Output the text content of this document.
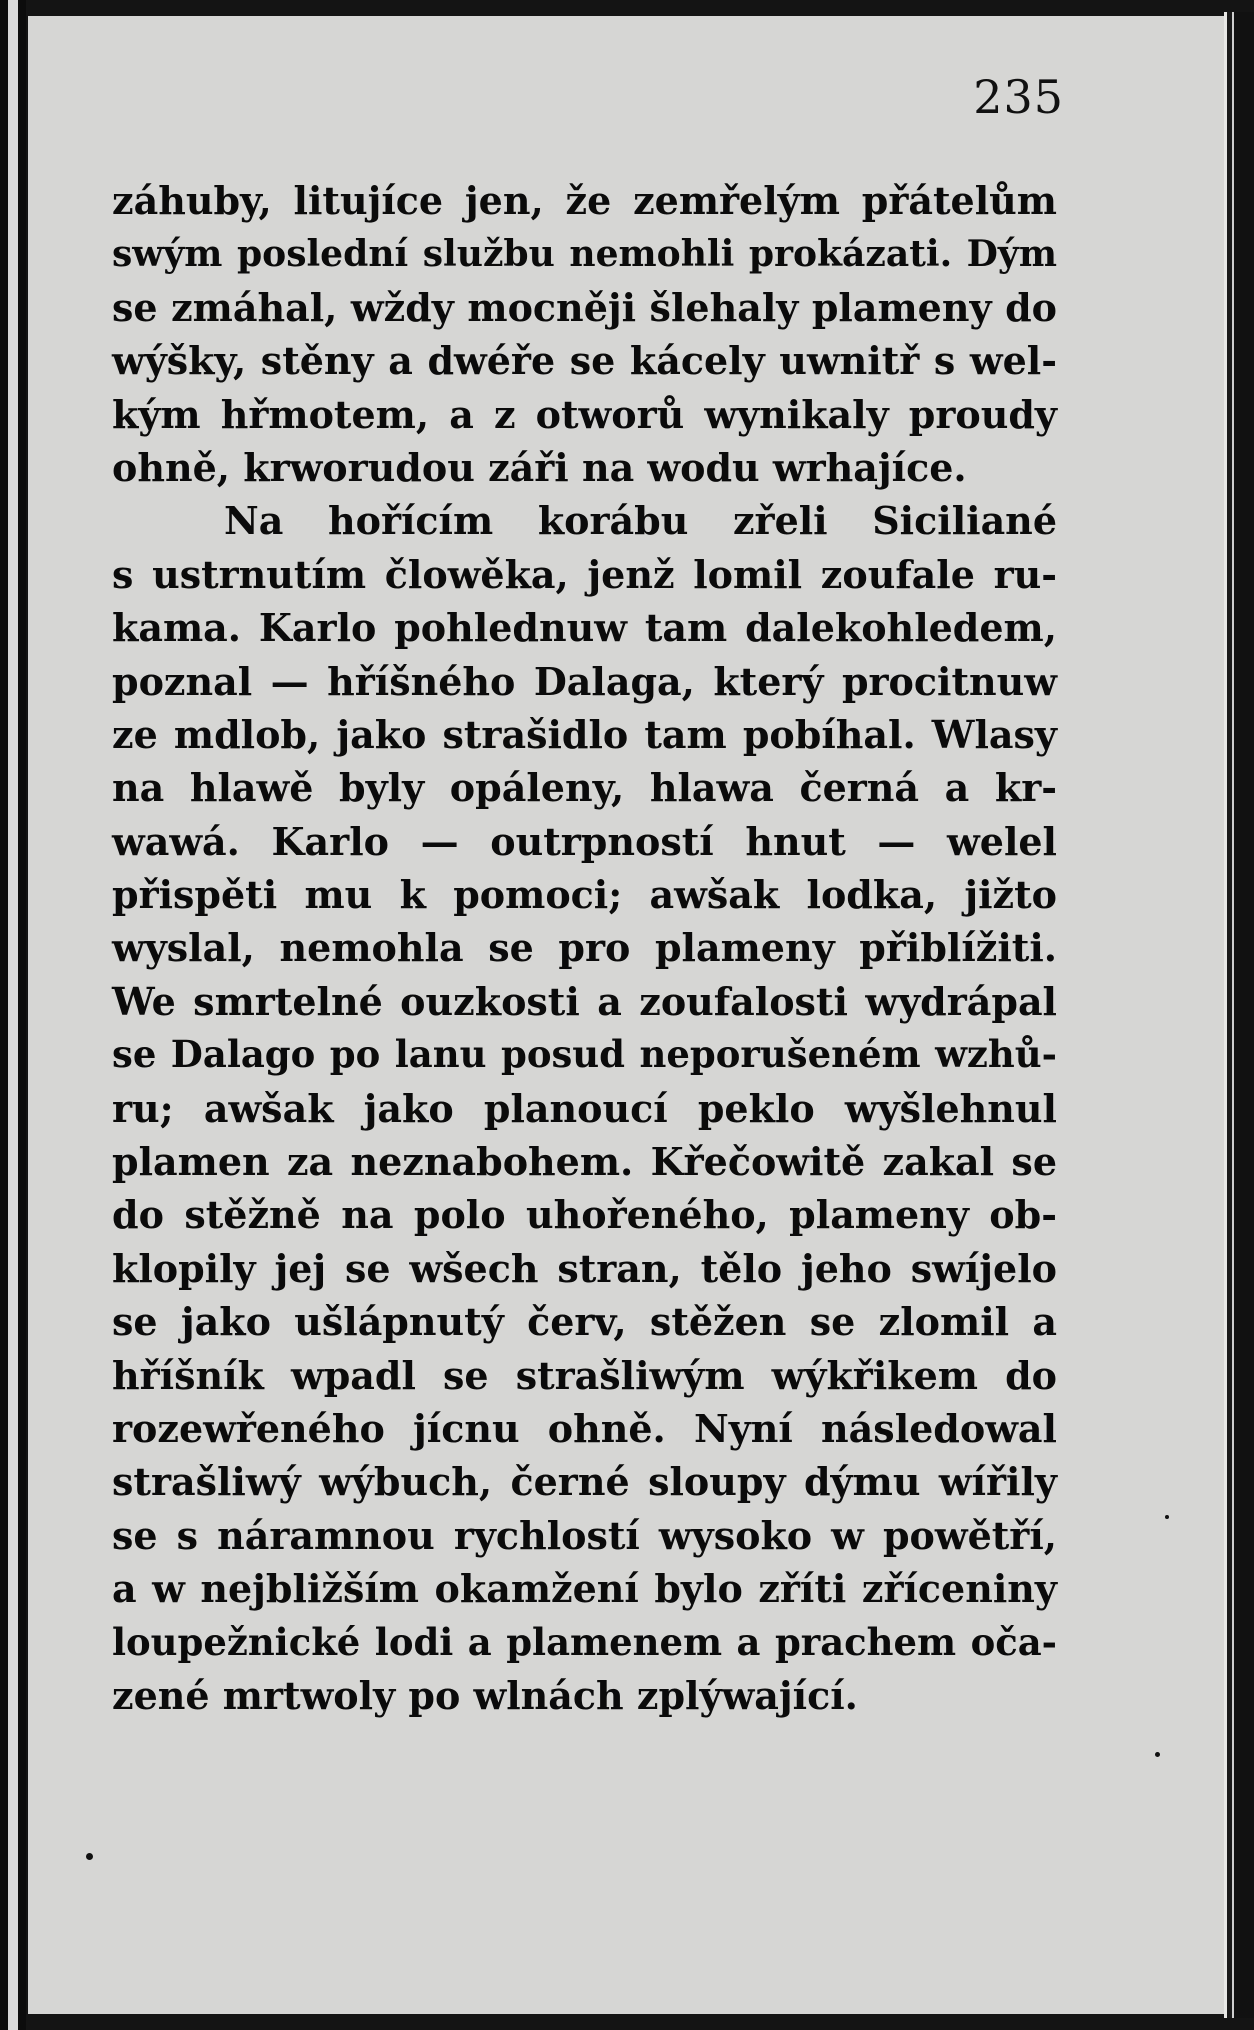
235
záhuby, litujíce jen, že zemřelým přátelům
swým poslední službu nemohli prokázati. Dým
se zmáhal, wždy mocněji šlehaly plameny do
wýšky, stěny a dwéře se kácely uwnitř s wel-
kým hřmotem, a z otworů wynikaly proudy
ohně, krworudou záři na wodu wrhajíce.
Na hořícím korábu zřeli Siciliané
s ustrnutím člowěka, jenž lomil zoufale ru-
kama. Karlo pohlednuw tam dalekohledem,
poznal — hříšného Dalaga, který procitnuw
ze mdlob, jako strašidlo tam pobíhal. Wlasy
na hlawě byly opáleny, hlawa černá a kr-
wawá. Karlo — outrpností hnut — welel
přispěti mu k pomoci; awšak lodka, jižto
wyslal, nemohla se pro plameny přiblížiti.
We smrtelné ouzkosti a zoufalosti wydrápal
se Dalago po lanu posud neporušeném wzhů-
ru; awšak jako planoucí peklo wyšlehnul
plamen za neznabohem. Křečowitě zakal se
do stěžně na polo uhořeného, plameny ob-
klopily jej se wšech stran, tělo jeho swíjelo
se jako ušlápnutý červ, stěžen se zlomil a
hříšník wpadl se strašliwým wýkřikem do
rozewřeného jícnu ohně. Nyní následowal
strašliwý wýbuch, černé sloupy dýmu wířily
se s náramnou rychlostí wysoko w powětří,
a w nejbližším okamžení bylo zříti zříceniny
loupežnické lodi a plamenem a prachem oča-
zené mrtwoly po wlnách zplýwající.
